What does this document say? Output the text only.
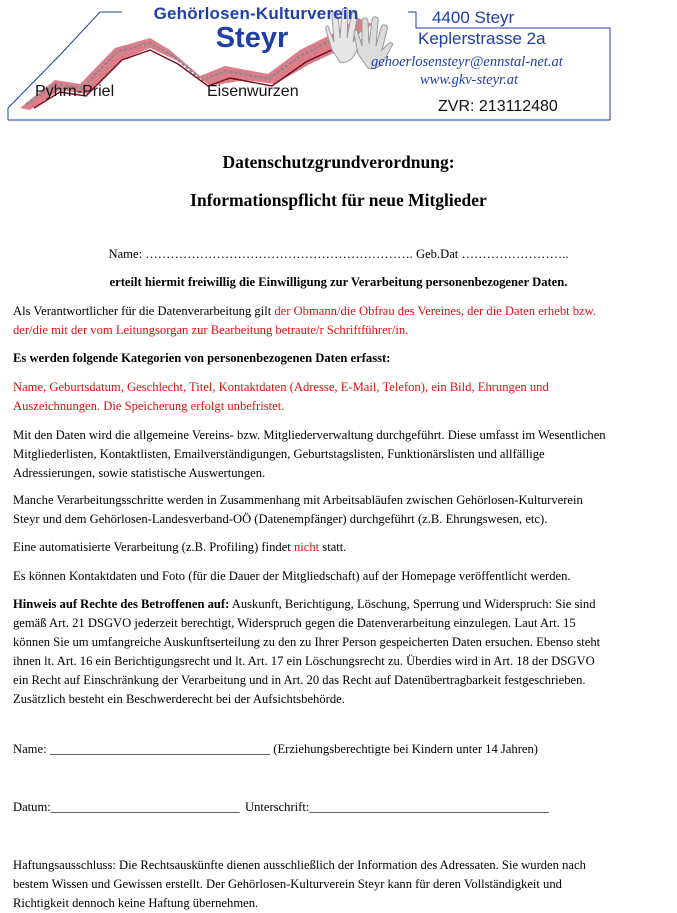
Gehörlosen-Kulturverein
Steyr
Pyhrn-Priel	Eisenwurzen
4400 Steyr
Keplerstrasse 2a
gehoerlosensteyr@ennstal-net.at
www.gkv-steyr.at
ZVR: 213112480
Datenschutzgrundverordnung:
Informationspflicht für neue Mitglieder
Name: ………………………………………………………. Geb.Dat ……………………..
erteilt hiermit freiwillig die Einwilligung zur Verarbeitung personenbezogener Daten.
Als Verantwortlicher für die Datenverarbeitung gilt der Obmann/die Obfrau des Vereines, der die Daten erhebt bzw.
der/die mit der vom Leitungsorgan zur Bearbeitung betraute/r Schriftführer/in.
Es werden folgende Kategorien von personenbezogenen Daten erfasst:
Name, Geburtsdatum, Geschlecht, Titel, Kontaktdaten (Adresse, E-Mail, Telefon), ein Bild, Ehrungen und
Auszeichnungen. Die Speicherung erfolgt unbefristet.
Mit den Daten wird die allgemeine Vereins- bzw. Mitgliederverwaltung durchgeführt. Diese umfasst im Wesentlichen
Mitgliederlisten, Kontaktlisten, Emailverständigungen, Geburtstagslisten, Funktionärslisten und allfällige
Adressierungen, sowie statistische Auswertungen.
Manche Verarbeitungsschritte werden in Zusammenhang mit Arbeitsabläufen zwischen Gehörlosen-Kulturverein
Steyr und dem Gehörlosen-Landesverband-OÖ (Datenempfänger) durchgeführt (z.B. Ehrungswesen, etc).
Eine automatisierte Verarbeitung (z.B. Profiling) findet nicht statt.
Es können Kontaktdaten und Foto (für die Dauer der Mitgliedschaft) auf der Homepage veröffentlicht werden.
Hinweis auf Rechte des Betroffenen auf: Auskunft, Berichtigung, Löschung, Sperrung und Widerspruch: Sie sind
gemäß Art. 21 DSGVO jederzeit berechtigt, Widerspruch gegen die Datenverarbeitung einzulegen. Laut Art. 15
können Sie um umfangreiche Auskunftserteilung zu den zu Ihrer Person gespeicherten Daten ersuchen. Ebenso steht
ihnen lt. Art. 16 ein Berichtigungsrecht und lt. Art. 17 ein Löschungsrecht zu. Überdies wird in Art. 18 der DSGVO
ein Recht auf Einschränkung der Verarbeitung und in Art. 20 das Recht auf Datenübertragbarkeit festgeschrieben.
Zusätzlich besteht ein Beschwerderecht bei der Aufsichtsbehörde.
Name: ___________________________________ (Erziehungsberechtigte bei Kindern unter 14 Jahren)
Datum:______________________________ Unterschrift:______________________________________
Haftungsausschluss: Die Rechtsauskünfte dienen ausschließlich der Information des Adressaten. Sie wurden nach
bestem Wissen und Gewissen erstellt. Der Gehörlosen-Kulturverein Steyr kann für deren Vollständigkeit und
Richtigkeit dennoch keine Haftung übernehmen.
